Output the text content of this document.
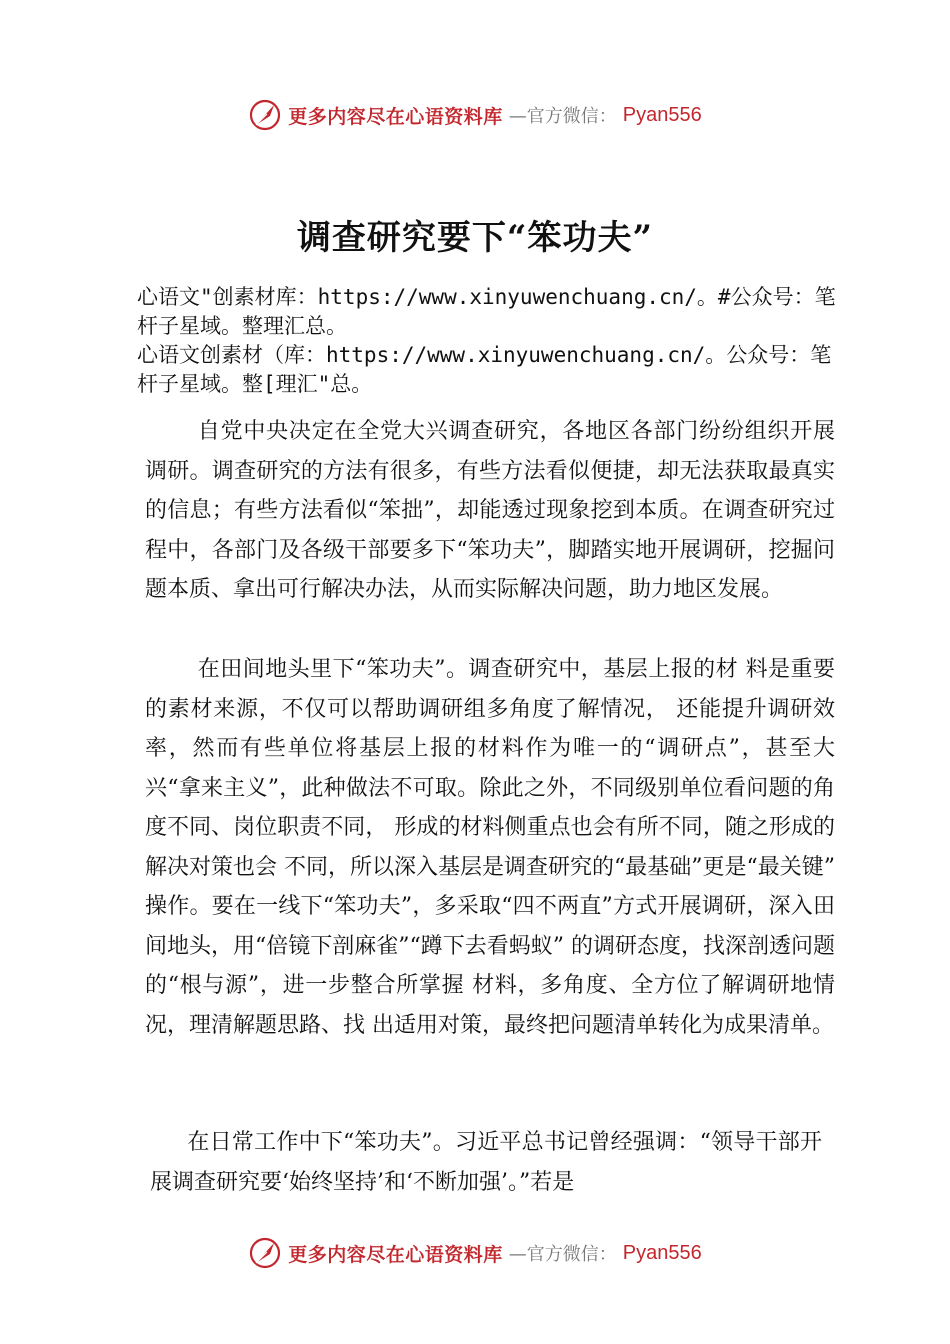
更多内容尽在心语资料库 —官方微信： Pyan556
调查研究要下“笨功夫”
心语文"创素材库：https://www.xinyuwenchuang.cn/。#公众号：笔杆子星域。整理汇总。
心语文创素材（库：https://www.xinyuwenchuang.cn/。公众号：笔杆子星域。整[理汇"总。
自党中央决定在全党大兴调查研究，各地区各部门纷纷组织开展调研。调查研究的方法有很多，有些方法看似便捷，却无法获取最真实的信息；有些方法看似“笨拙”，却能透过现象挖到本质。在调查研究过程中，各部门及各级干部要多下“笨功夫”，脚踏实地开展调研，挖掘问题本质、拿出可行解决办法，从而实际解决问题，助力地区发展。
在田间地头里下“笨功夫”。调查研究中，基层上报的材 料是重要的素材来源，不仅可以帮助调研组多角度了解情况， 还能提升调研效率，然而有些单位将基层上报的材料作为唯一的“调研点”，甚至大兴“拿来主义”，此种做法不可取。除此之外，不同级别单位看问题的角度不同、岗位职责不同， 形成的材料侧重点也会有所不同，随之形成的解决对策也会 不同，所以深入基层是调查研究的“最基础”更是“最关键” 操作。要在一线下“笨功夫”，多采取“四不两直”方式开展调研，深入田间地头，用“倍镜下剖麻雀”“蹲下去看蚂蚁” 的调研态度，找深剖透问题的“根与源”，进一步整合所掌握 材料，多角度、全方位了解调研地情况，理清解题思路、找 出适用对策，最终把问题清单转化为成果清单。
在日常工作中下“笨功夫”。习近平总书记曾经强调：“领导干部开展调查研究要‘始终坚持’和‘不断加强’。”若是
更多内容尽在心语资料库 —官方微信： Pyan556
